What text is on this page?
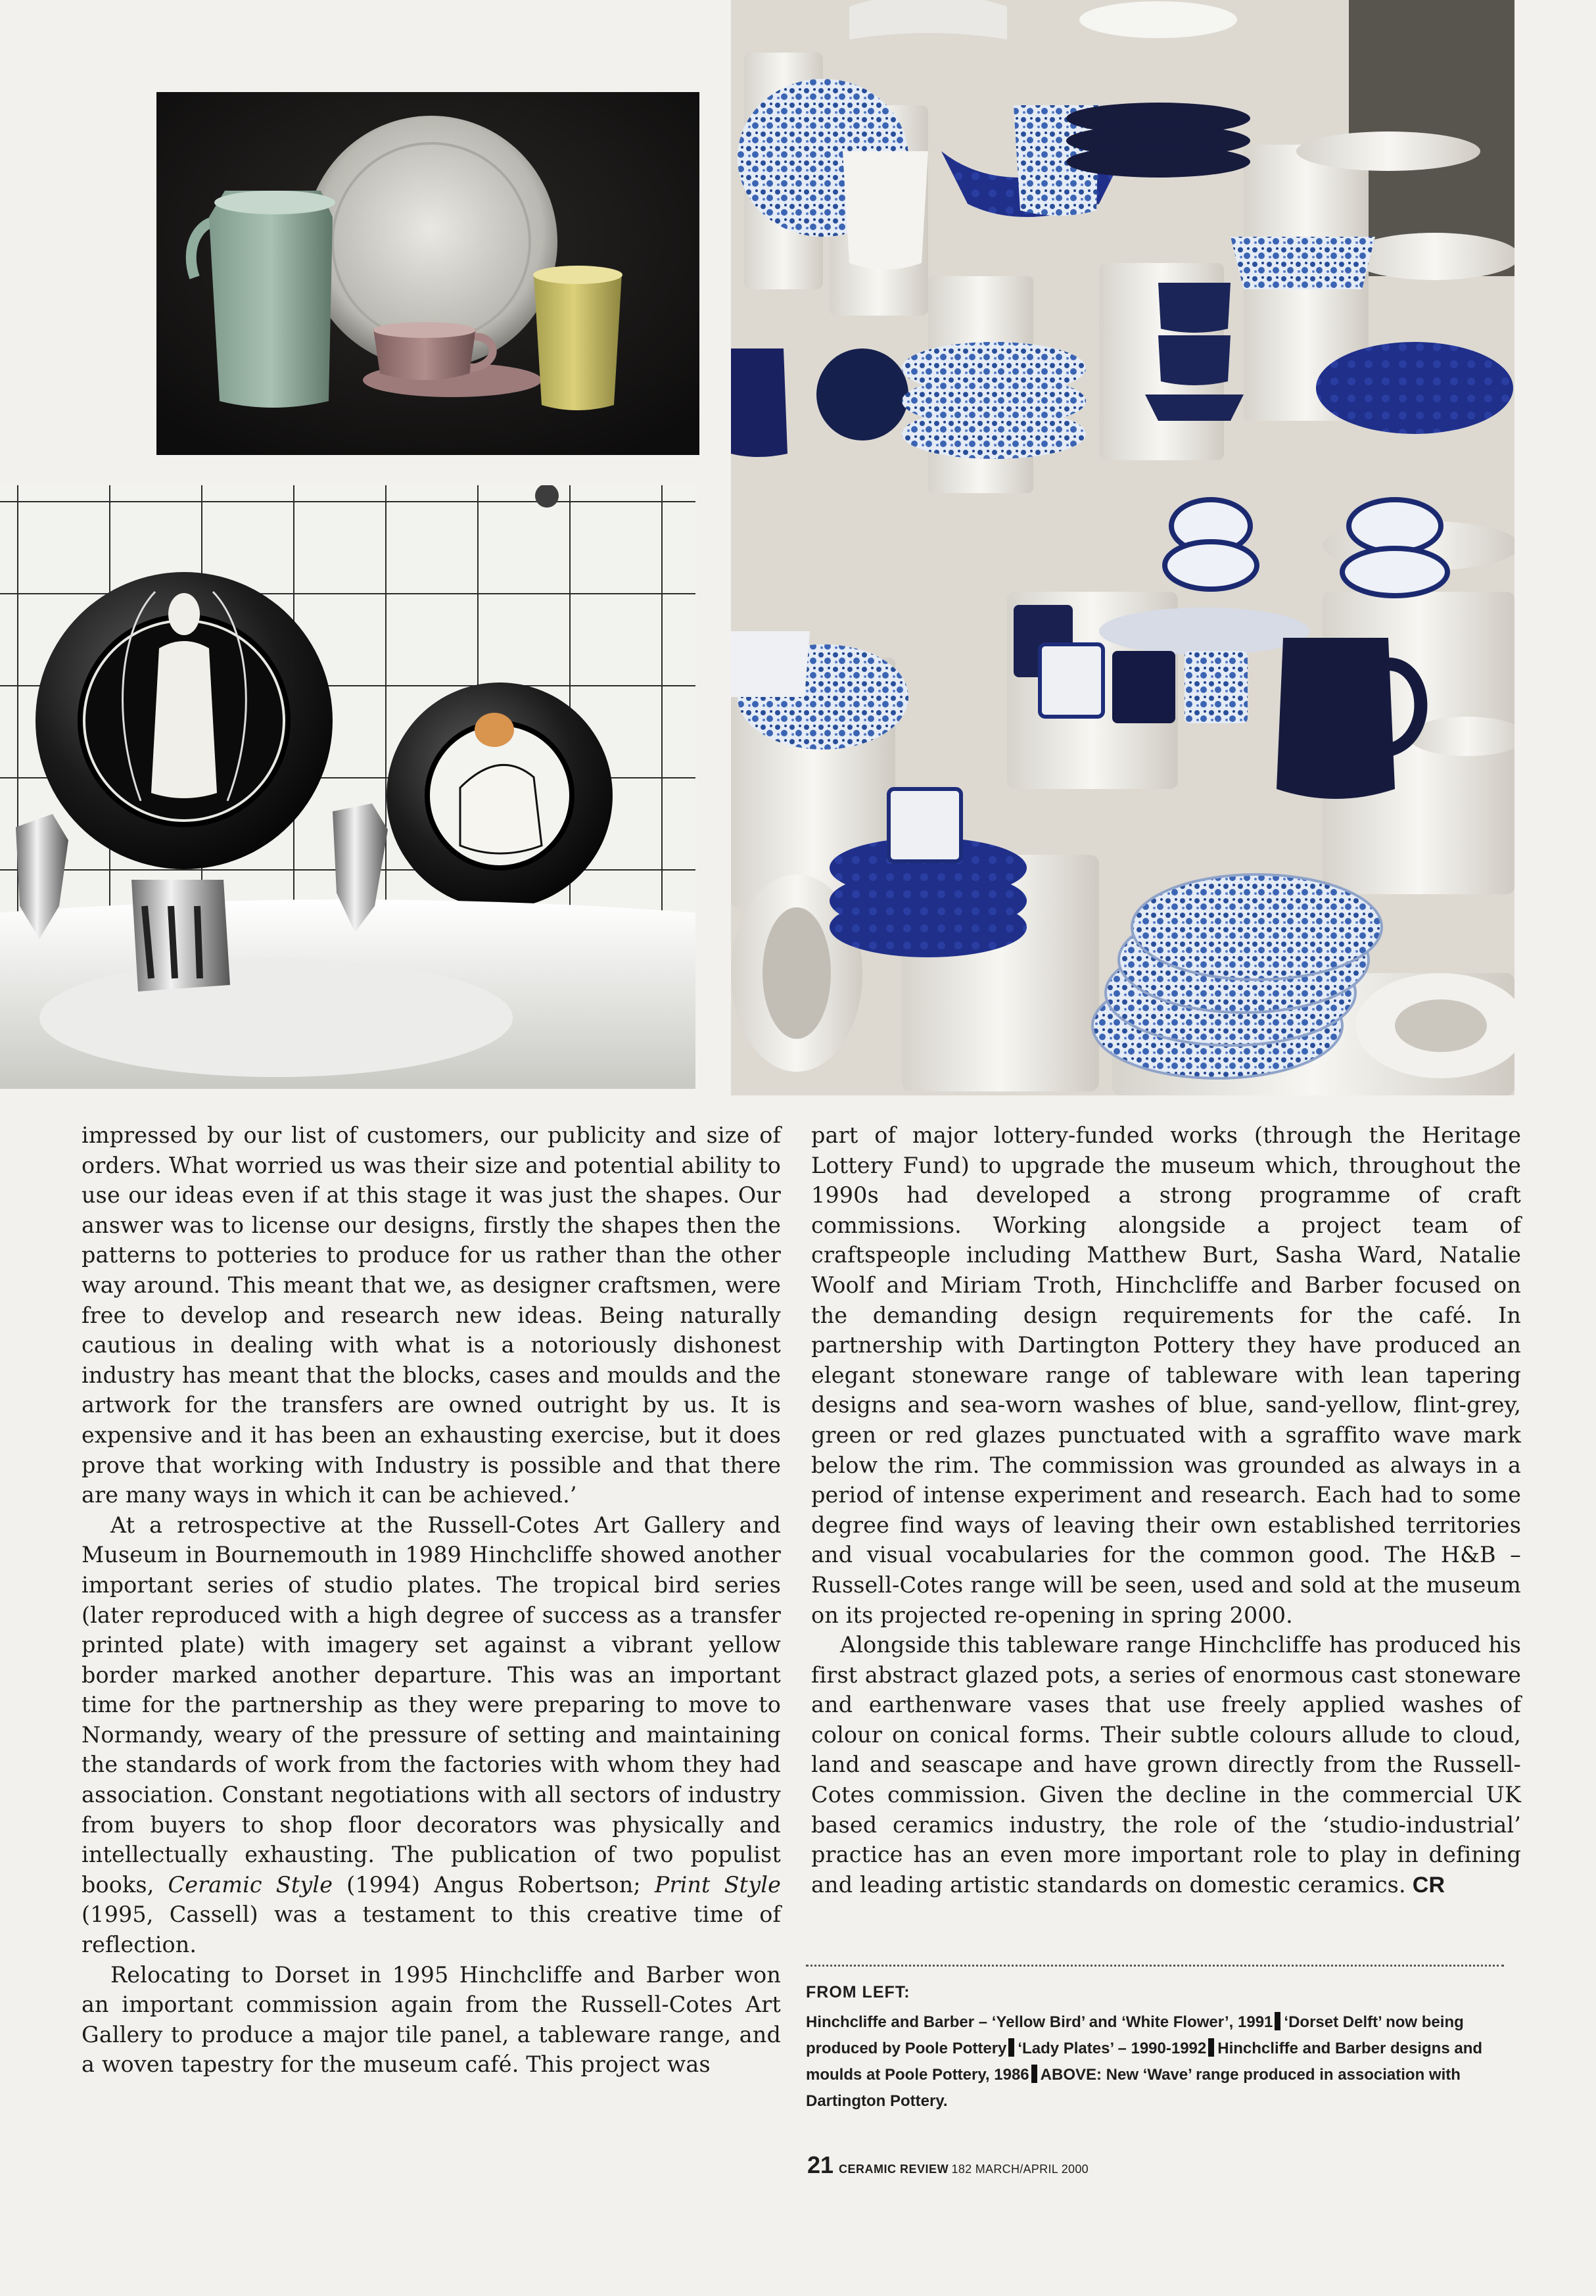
impressed by our list of customers, our publicity and size of orders. What worried us was their size and potential ability to use our ideas even if at this stage it was just the shapes. Our answer was to license our designs, firstly the shapes then the patterns to potteries to produce for us rather than the other way around. This meant that we, as designer craftsmen, were free to develop and research new ideas. Being naturally cautious in dealing with what is a notoriously dishonest industry has meant that the blocks, cases and moulds and the artwork for the transfers are owned outright by us. It is expensive and it has been an exhausting exercise, but it does prove that working with Industry is possible and that there are many ways in which it can be achieved.’

At a retrospective at the Russell-Cotes Art Gallery and Museum in Bournemouth in 1989 Hinchcliffe showed another important series of studio plates. The tropical bird series (later reproduced with a high degree of success as a transfer printed plate) with imagery set against a vibrant yellow border marked another departure. This was an important time for the partnership as they were preparing to move to Normandy, weary of the pressure of setting and maintaining the standards of work from the factories with whom they had association. Constant negotiations with all sectors of industry from buyers to shop floor decorators was physically and intellectually exhausting. The publication of two populist books, Ceramic Style (1994) Angus Robertson; Print Style (1995, Cassell) was a testament to this creative time of reflection.

Relocating to Dorset in 1995 Hinchcliffe and Barber won an important commission again from the Russell-Cotes Art Gallery to produce a major tile panel, a tableware range, and a woven tapestry for the museum café. This project was

part of major lottery-funded works (through the Heritage Lottery Fund) to upgrade the museum which, throughout the 1990s had developed a strong programme of craft commissions. Working alongside a project team of craftspeople including Matthew Burt, Sasha Ward, Natalie Woolf and Miriam Troth, Hinchcliffe and Barber focused on the demanding design requirements for the café. In partnership with Dartington Pottery they have produced an elegant stoneware range of tableware with lean tapering designs and sea-worn washes of blue, sand-yellow, flint-grey, green or red glazes punctuated with a sgraffito wave mark below the rim. The commission was grounded as always in a period of intense experiment and research. Each had to some degree find ways of leaving their own established territories and visual vocabularies for the common good. The H&B – Russell-Cotes range will be seen, used and sold at the museum on its projected re-opening in spring 2000.

Alongside this tableware range Hinchcliffe has produced his first abstract glazed pots, a series of enormous cast stoneware and earthenware vases that use freely applied washes of colour on conical forms. Their subtle colours allude to cloud, land and seascape and have grown directly from the Russell-Cotes commission. Given the decline in the commercial UK based ceramics industry, the role of the ‘studio-industrial’ practice has an even more important role to play in defining and leading artistic standards on domestic ceramics. CR

FROM LEFT:
Hinchcliffe and Barber – ‘Yellow Bird’ and ‘White Flower’, 1991 ‘Dorset Delft’ now being produced by Poole Pottery ‘Lady Plates’ – 1990-1992 Hinchcliffe and Barber designs and moulds at Poole Pottery, 1986 ABOVE: New ‘Wave’ range produced in association with Dartington Pottery.
21 CERAMIC REVIEW 182 MARCH/APRIL 2000
